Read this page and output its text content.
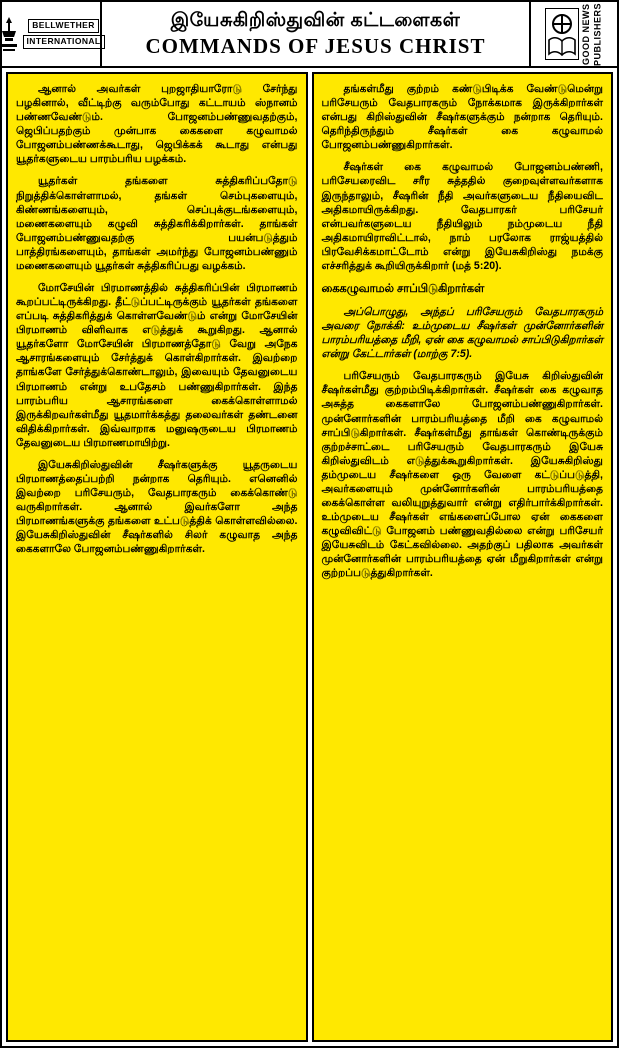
BELLWETHER
INTERNATIONAL
இயேசுகிறிஸ்துவின் கட்டளைகள்
COMMANDS OF JESUS CHRIST	GOOD NEWS PUBLISHERS

ஆனால் அவர்கள் புறஜாதியாரோடு சேர்ந்து பழகினால், வீட்டிற்கு வரும்போது கட்டாயம் ஸ்நானம் பண்ணவேண்டும். போஜனம்பண்ணுவதற்கும், ஜெபிப்பதற்கும் முன்பாக கைகளை கழுவாமல் போஜனம்பண்ணக்கூடாது, ஜெபிக்கக் கூடாது என்பது யூதர்களுடைய பாரம்பரிய பழக்கம்.

யூதர்கள் தங்களை சுத்திகரிப்பதோடு நிறுத்திக்கொள்ளாமல், தங்கள் செம்புகளையும், கிண்ணங்களையும், செப்புக்குடங்களையும், மணைகளையும் கழுவி சுத்திகரிக்கிறார்கள். தாங்கள் போஜனம்பண்ணுவதற்கு பயன்படுத்தும் பாத்திரங்களையும், தாங்கள் அமர்ந்து போஜனம்பண்ணும் மணைகளையும் யூதர்கள் சுத்திகரிப்பது வழக்கம்.

மோசேயின் பிரமாணத்தில் சுத்திகரிப்பின் பிரமாணம் கூறப்பட்டிருக்கிறது. தீட்டுப்பட்டிருக்கும் யூதர்கள் தங்களை எப்படி சுத்திகரித்துக் கொள்ளவேண்டும் என்று மோசேயின் பிரமாணம் விளிவாக எடுத்துக் கூறுகிறது. ஆனால் யூதர்களோ மோசேயின் பிரமாணத்தோடு வேறு அநேக ஆசாரங்களையும் சேர்த்துக் கொள்கிறார்கள். இவற்றை தாங்களே சேர்த்துக்கொண்டாலும், இவையும் தேவனுடைய பிரமாணம் என்று உபதேசம் பண்ணுகிறார்கள். இந்த பாரம்பரிய ஆசாரங்களை கைக்கொள்ளாமல் இருக்கிறவர்கள்மீது யூதமார்க்கத்து தலைவர்கள் தண்டனை விதிக்கிறார்கள். இவ்வாறாக மனுஷருடைய பிரமாணம் தேவனுடைய பிரமாணமாயிற்று.

இயேசுகிறிஸ்துவின் சீஷர்களுக்கு யூதருடைய பிரமாணத்தைப்பற்றி நன்றாக தெரியும். எனெனில் இவற்றை பரிசேயரும், வேதபாரகரும் கைக்கொண்டு வருகிறார்கள். ஆனால் இவர்களோ அந்த பிரமாணங்களுக்கு தங்களை உட்படுத்திக் கொள்ளவில்லை. இயேசுகிறிஸ்துவின் சீஷர்களில் சிலர் கழுவாத அந்த கைகளாலே போஜனம்பண்ணுகிறார்கள்.

தங்கள்மீது குற்றம் கண்டுபிடிக்க வேண்டுமென்று பரிசேயரும் வேதபாரகரும் நோக்கமாக இருக்கிறார்கள் என்பது கிறிஸ்துவின் சீஷர்களுக்கும் நன்றாக தெரியும். தெரிந்திருந்தும் சீஷர்கள் கை கழுவாமல் போஜனம்பண்ணுகிறார்கள்.

சீஷர்கள் கை கழுவாமல் போஜனம்பண்ணி, பரிசேயரைவிட சரீர சுத்ததில் குறைவுள்ளவர்களாக இருந்தாலும், சீஷரின் நீதி அவர்களுடைய நீதியைவிட அதிகமாயிருக்கிறது. வேதபாரகர் பரிசேயர் என்பவர்களுடைய நீதியிலும் நம்முடைய நீதி அதிகமாயிராவிட்டால், நாம் பரலோக ராஜ்யத்தில் பிரவேசிக்கமாட்டோம் என்று இயேசுகிறிஸ்து நமக்கு எச்சரித்துக் கூறியிருக்கிறார் (மத் 5:20).

கைகழுவாமல் சாப்பிடுகிறார்கள்

அப்பொழுது, அந்தப் பரிசேயரும் வேதபாரகரும் அவரை நோக்கி: உம்முடைய சீஷர்கள் முன்னோர்களின் பாரம்பரியத்தை மீறி, ஏன் கை கழுவாமல் சாப்பிடுகிறார்கள் என்று கேட்டார்கள் (மாற்கு 7:5).

பரிசேயரும் வேதபாரகரும் இயேசு கிறிஸ்துவின் சீஷர்கள்மீது குற்றம்பிடிக்கிறார்கள். சீஷர்கள் கை கழுவாத அசுத்த கைகளாலே போஜனம்பண்ணுகிறார்கள். முன்னோர்களின் பாரம்பரியத்தை மீறி கை கழுவாமல் சாப்பிடுகிறார்கள். சீஷர்கள்மீது தாங்கள் கொண்டிருக்கும் குற்றச்சாட்டை பரிசேயரும் வேதபாரகரும் இயேசு கிறிஸ்துவிடம் எடுத்துக்கூறுகிறார்கள். இயேசுகிறிஸ்து தம்முடைய சீஷர்களை ஒரு வேளை கட்டுப்படுத்தி, அவர்களையும் முன்னோர்களின் பாரம்பரியத்தை கைக்கொள்ள வலியுறுத்துவார் என்று எதிர்பார்க்கிறார்கள். உம்முடைய சீஷர்கள் எங்களைப்போல ஏன் கைகளை கழுவிவிட்டு போஜனம் பண்ணுவதில்லை என்று பரிசேயர் இயேசுவிடம் கேட்கவில்லை. அதற்குப் பதிலாக அவர்கள் முன்னோர்களின் பாரம்பரியத்தை ஏன் மீறுகிறார்கள் என்று குற்றப்படுத்துகிறார்கள்.
